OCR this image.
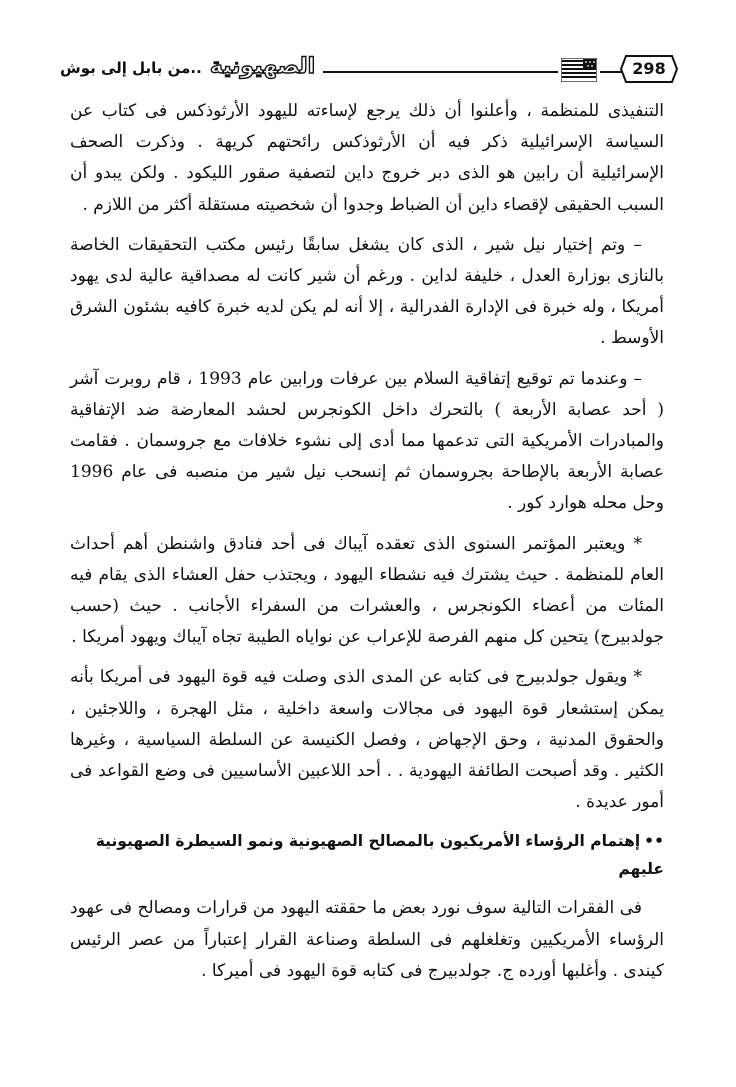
الصهيونية
..من بابل إلى بوش	298

التنفيذى للمنظمة ، وأعلنوا أن ذلك يرجع لإساءته لليهود الأرثوذكس فى كتاب عن السياسة الإسرائيلية ذكر فيه أن الأرثوذكس رائحتهم كريهة . وذكرت الصحف الإسرائيلية أن رابين هو الذى دبر خروج داين لتصفية صقور الليكود . ولكن يبدو أن السبب الحقيقى لإقصاء داين أن الضباط وجدوا أن شخصيته مستقلة أكثر من اللازم .

– وتم إختيار نيل شير ، الذى كان يشغل سابقًا رئيس مكتب التحقيقات الخاصة بالنازى بوزارة العدل ، خليفة لداين . ورغم أن شير كانت له مصداقية عالية لدى يهود أمريكا ، وله خبرة فى الإدارة الفدرالية ، إلا أنه لم يكن لديه خبرة كافيه بشئون الشرق الأوسط .

– وعندما تم توقيع إتفاقية السلام بين عرفات ورابين عام 1993 ، قام روبرت آشر ( أحد عصابة الأربعة ) بالتحرك داخل الكونجرس لحشد المعارضة ضد الإتفاقية والمبادرات الأمريكية التى تدعمها مما أدى إلى نشوء خلافات مع جروسمان . فقامت عصابة الأربعة بالإطاحة بجروسمان ثم إنسحب نيل شير من منصبه فى عام 1996 وحل محله هوارد كور .

* ويعتبر المؤتمر السنوى الذى تعقده آيباك فى أحد فنادق واشنطن أهم أحداث العام للمنظمة . حيث يشترك فيه نشطاء اليهود ، ويجتذب حفل العشاء الذى يقام فيه المئات من أعضاء الكونجرس ، والعشرات من السفراء الأجانب . حيث (حسب جولدبيرج) يتحين كل منهم الفرصة للإعراب عن نواياه الطيبة تجاه آيباك ويهود أمريكا .

* ويقول جولدبيرج فى كتابه عن المدى الذى وصلت فيه قوة اليهود فى أمريكا بأنه يمكن إستشعار قوة اليهود فى مجالات واسعة داخلية ، مثل الهجرة ، واللاجئين ، والحقوق المدنية ، وحق الإجهاض ، وفصل الكنيسة عن السلطة السياسية ، وغيرها الكثير . وقد أصبحت الطائفة اليهودية . . أحد اللاعبين الأساسيين فى وضع القواعد فى أمور عديدة .

••إهتمام الرؤساء الأمريكيون بالمصالح الصهيونية ونمو السيطرة الصهيونية عليهم

فى الفقرات التالية سوف نورد بعض ما حققته اليهود من قرارات ومصالح فى عهود الرؤساء الأمريكيين وتغلغلهم فى السلطة وصناعة القرار إعتباراً من عصر الرئيس كيندى . وأغلبها أورده ج. جولدبيرج فى كتابه قوة اليهود فى أميركا .
